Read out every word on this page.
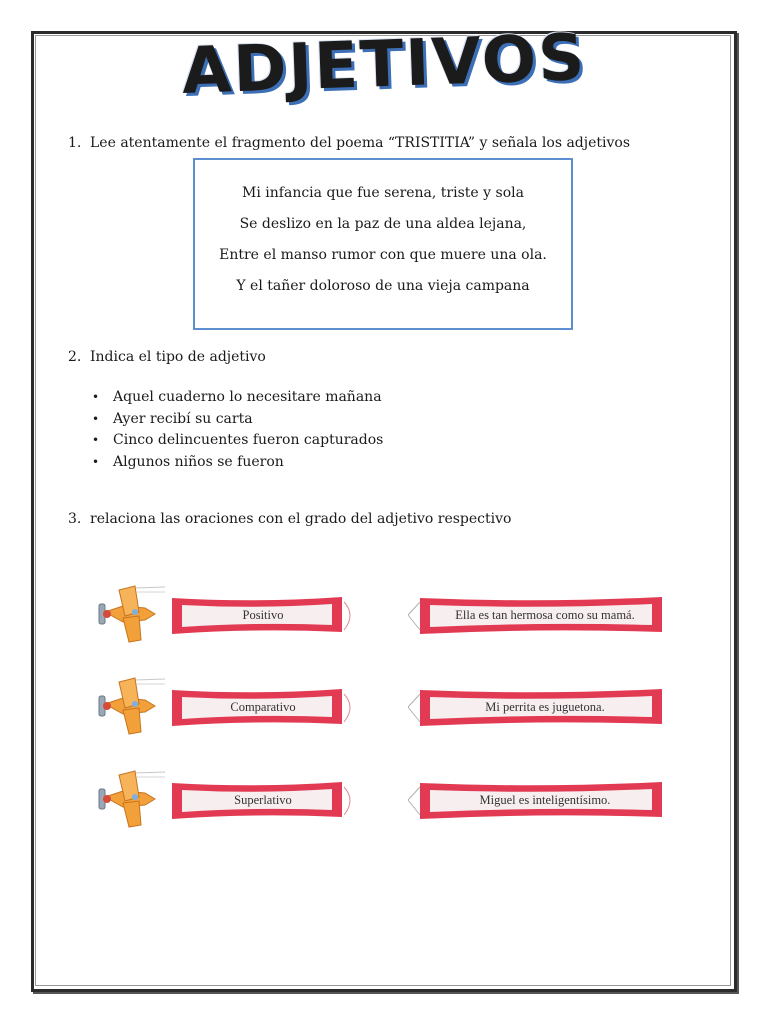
ADJETIVOS
1. Lee atentamente el fragmento del poema “TRISTITIA” y señala los adjetivos
Mi infancia que fue serena, triste y sola
Se deslizo en la paz de una aldea lejana,
Entre el manso rumor con que muere una ola.
Y el tañer doloroso de una vieja campana
2. Indica el tipo de adjetivo
• Aquel cuaderno lo necesitare mañana
• Ayer recibí su carta
• Cinco delincuentes fueron capturados
• Algunos niños se fueron
3. relaciona las oraciones con el grado del adjetivo respectivo
Positivo	Ella es tan hermosa como su mamá.
Comparativo	Mi perrita es juguetona.
Superlativo	Miguel es inteligentísimo.
